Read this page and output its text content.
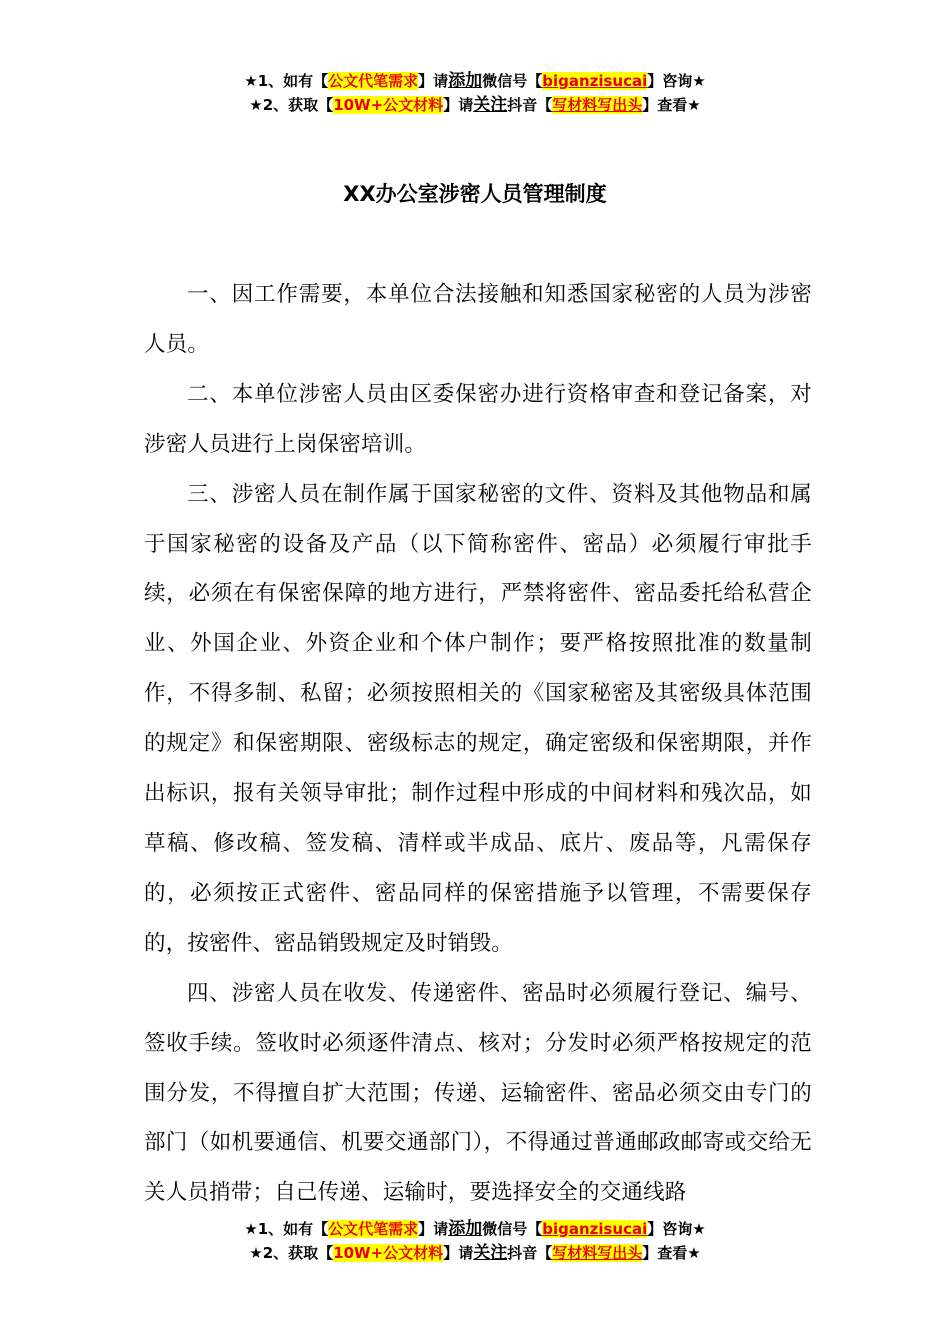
★1、如有【公文代笔需求】请添加微信号【biganzisucai】咨询★
★2、获取【10W+公文材料】请关注抖音【写材料写出头】查看★
XX办公室涉密人员管理制度

一、因工作需要，本单位合法接触和知悉国家秘密的人员为涉密人员。

二、本单位涉密人员由区委保密办进行资格审查和登记备案，对涉密人员进行上岗保密培训。

三、涉密人员在制作属于国家秘密的文件、资料及其他物品和属于国家秘密的设备及产品（以下简称密件、密品）必须履行审批手续，必须在有保密保障的地方进行，严禁将密件、密品委托给私营企业、外国企业、外资企业和个体户制作；要严格按照批准的数量制作，不得多制、私留；必须按照相关的《国家秘密及其密级具体范围的规定》和保密期限、密级标志的规定，确定密级和保密期限，并作出标识，报有关领导审批；制作过程中形成的中间材料和残次品，如草稿、修改稿、签发稿、清样或半成品、底片、废品等，凡需保存的，必须按正式密件、密品同样的保密措施予以管理，不需要保存的，按密件、密品销毁规定及时销毁。

四、涉密人员在收发、传递密件、密品时必须履行登记、编号、签收手续。签收时必须逐件清点、核对；分发时必须严格按规定的范围分发，不得擅自扩大范围；传递、运输密件、密品必须交由专门的部门（如机要通信、机要交通部门），不得通过普通邮政邮寄或交给无关人员捎带；自己传递、运输时，要选择安全的交通线路

★1、如有【公文代笔需求】请添加微信号【biganzisucai】咨询★
★2、获取【10W+公文材料】请关注抖音【写材料写出头】查看★
